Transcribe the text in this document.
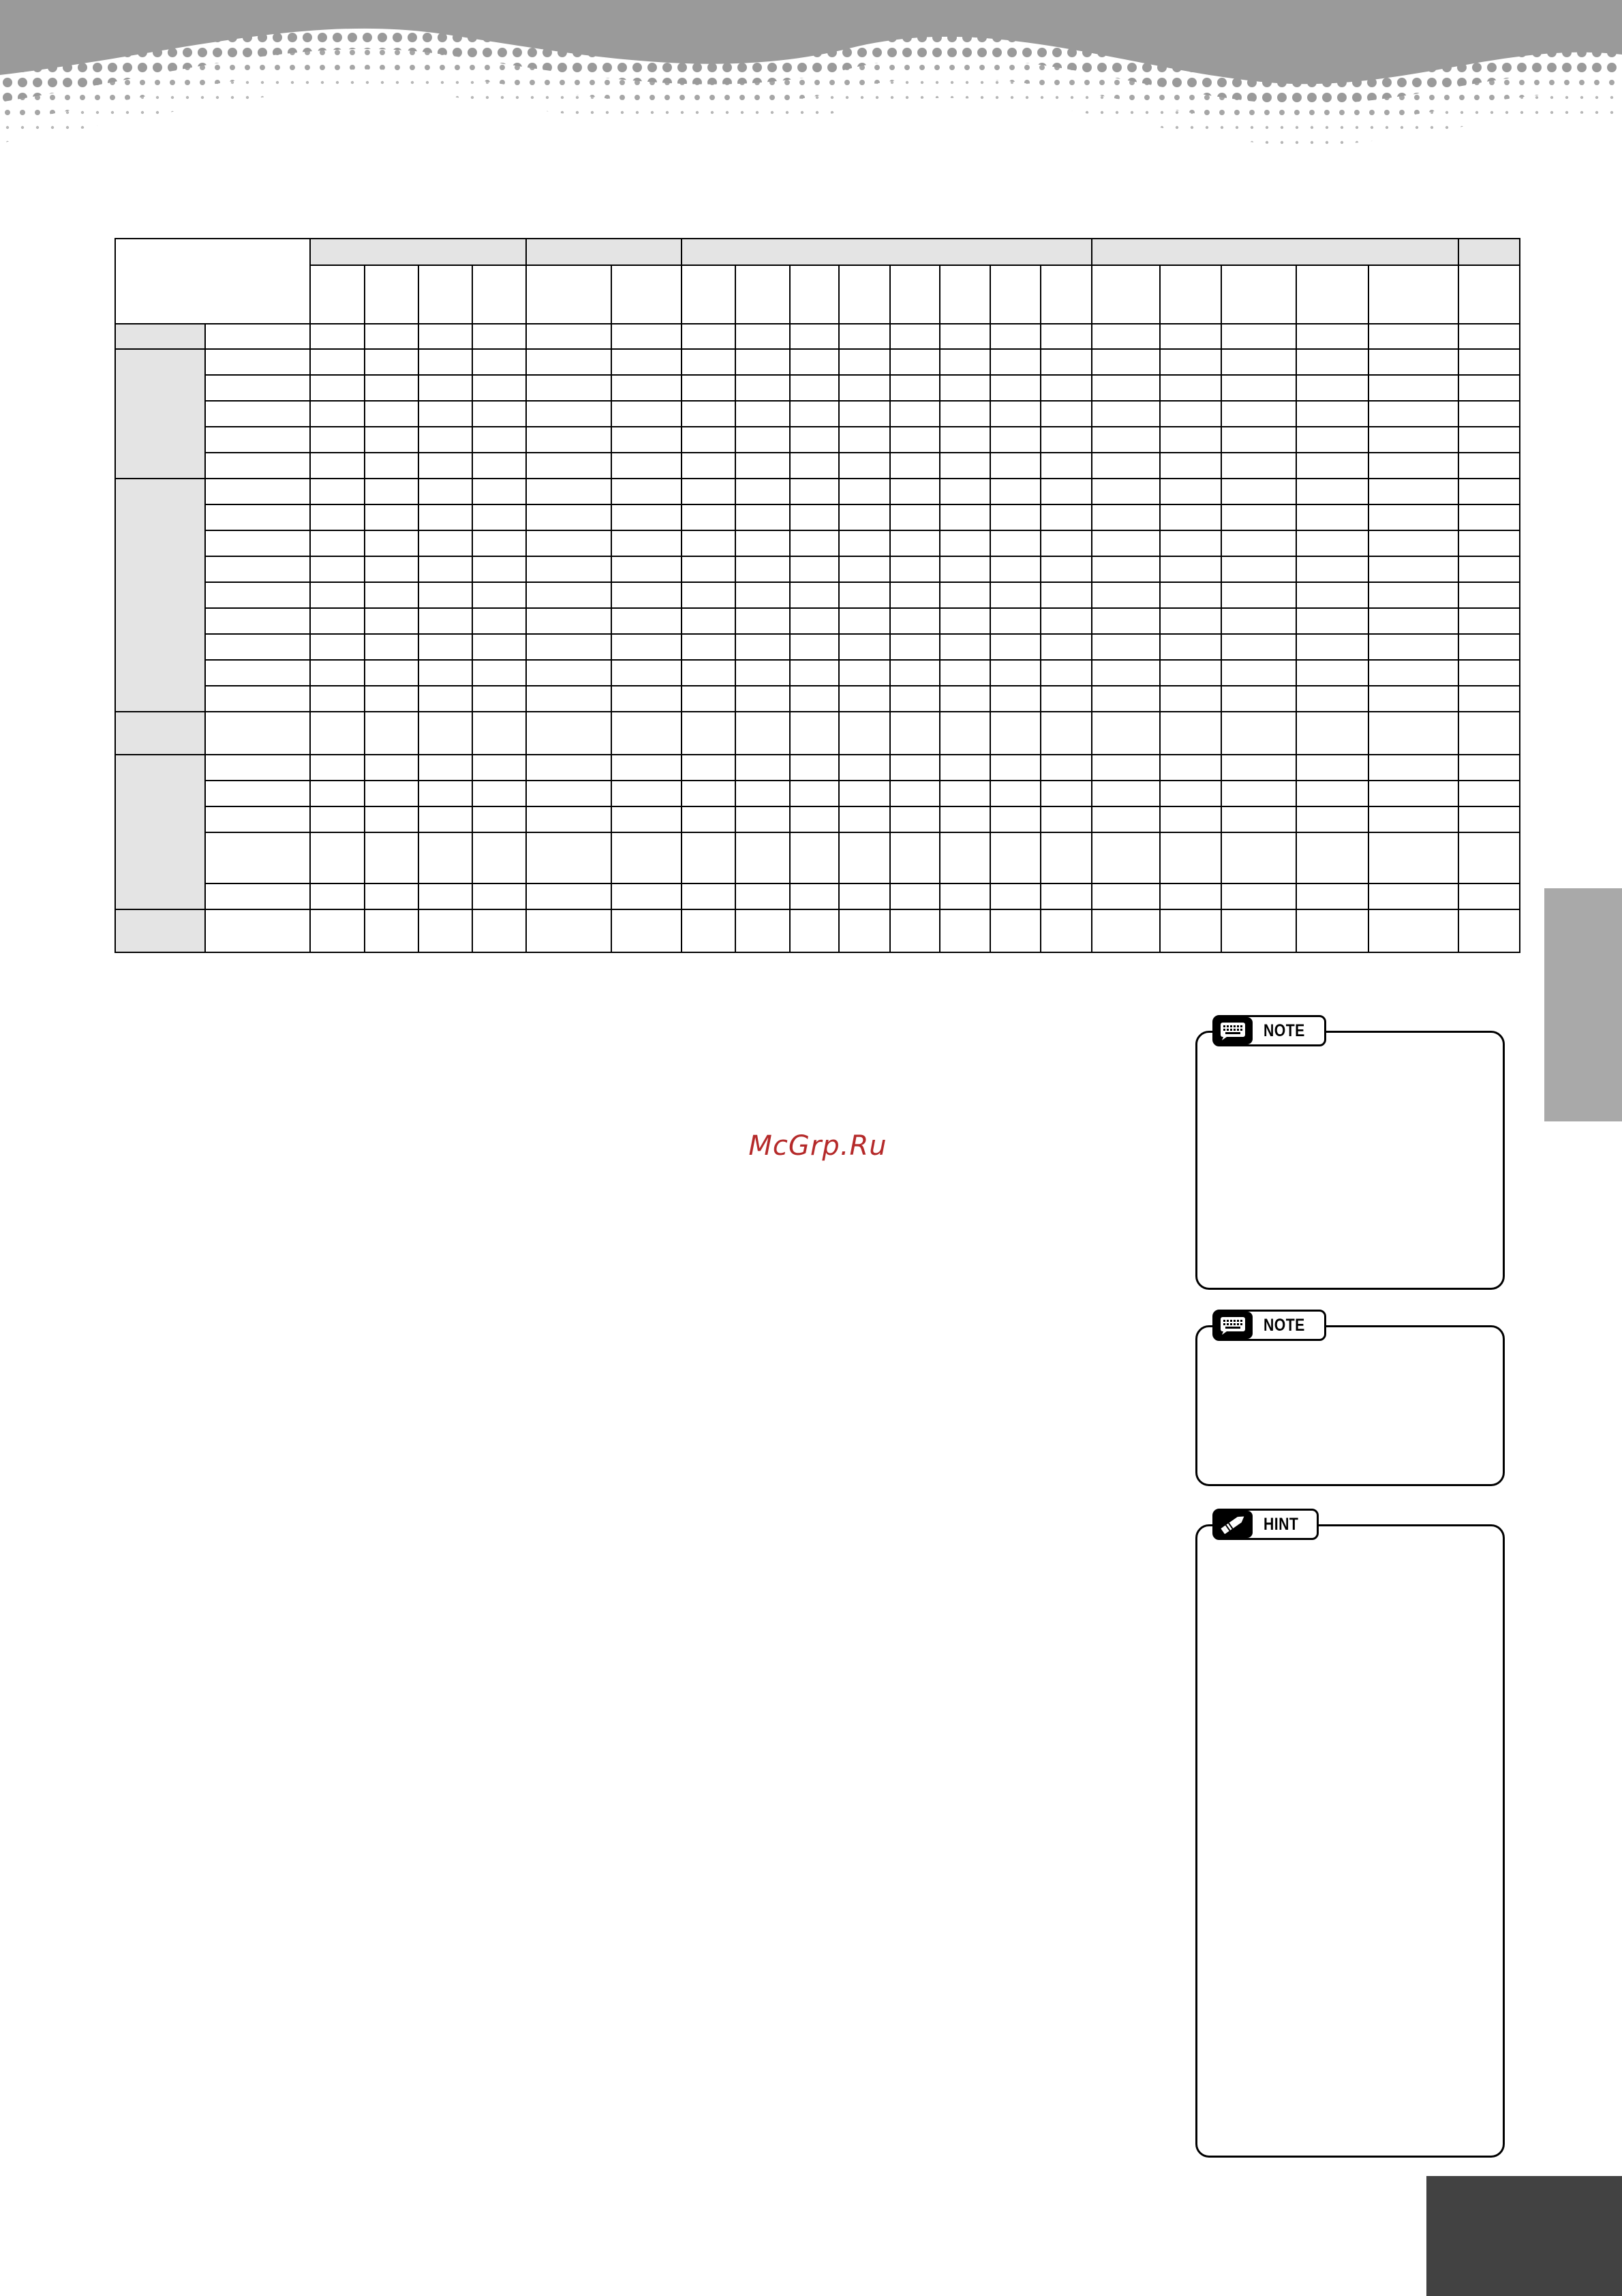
McGrp.Ru
NOTE
NOTE
HINT
